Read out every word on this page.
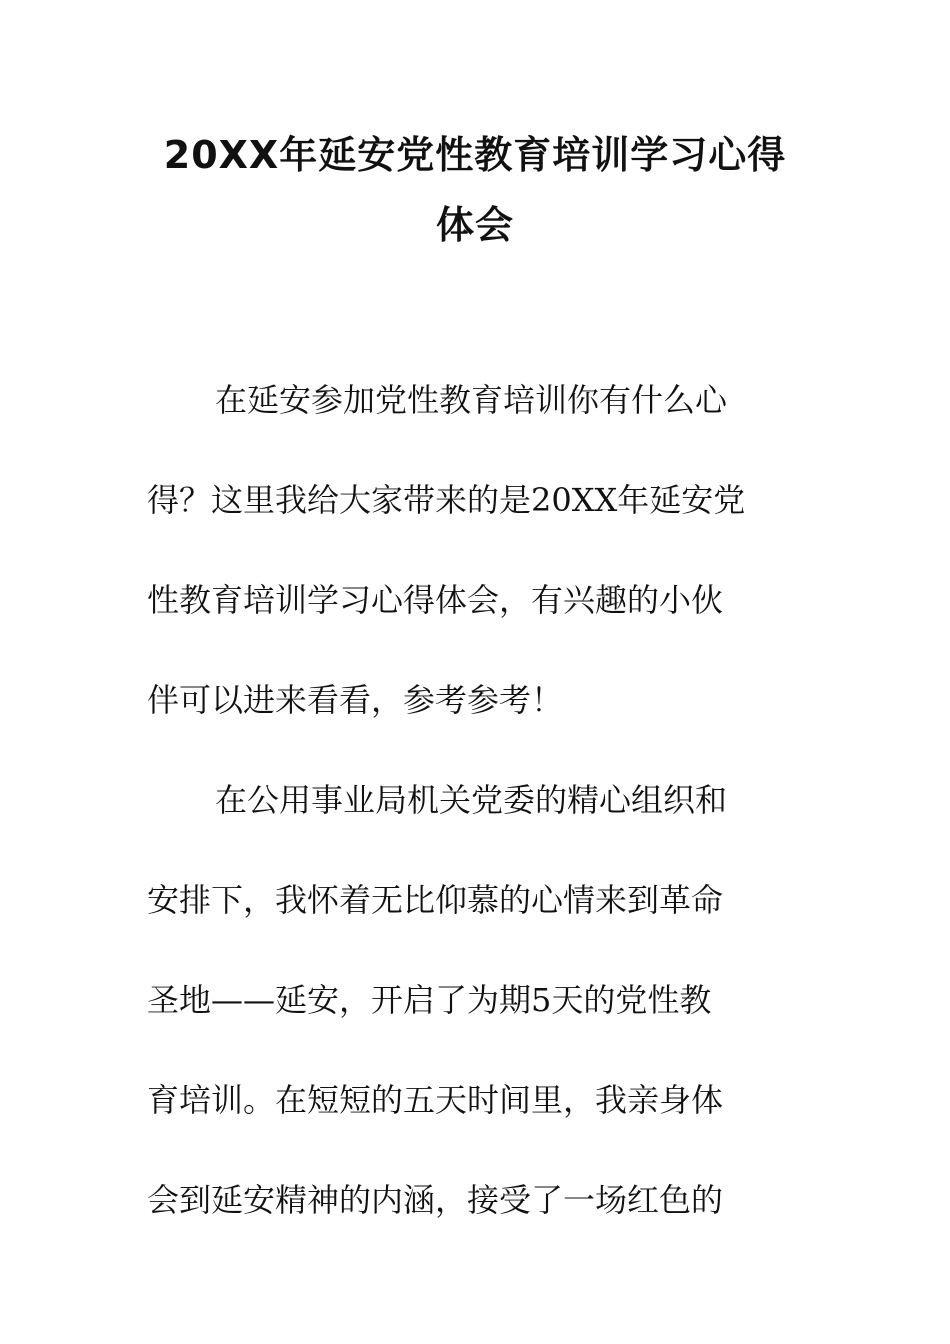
20XX年延安党性教育培训学习心得
体会
在延安参加党性教育培训你有什么心
得？这里我给大家带来的是20XX年延安党
性教育培训学习心得体会，有兴趣的小伙
伴可以进来看看，参考参考！
在公用事业局机关党委的精心组织和
安排下，我怀着无比仰慕的心情来到革命
圣地——延安，开启了为期5天的党性教
育培训。在短短的五天时间里，我亲身体
会到延安精神的内涵，接受了一场红色的
